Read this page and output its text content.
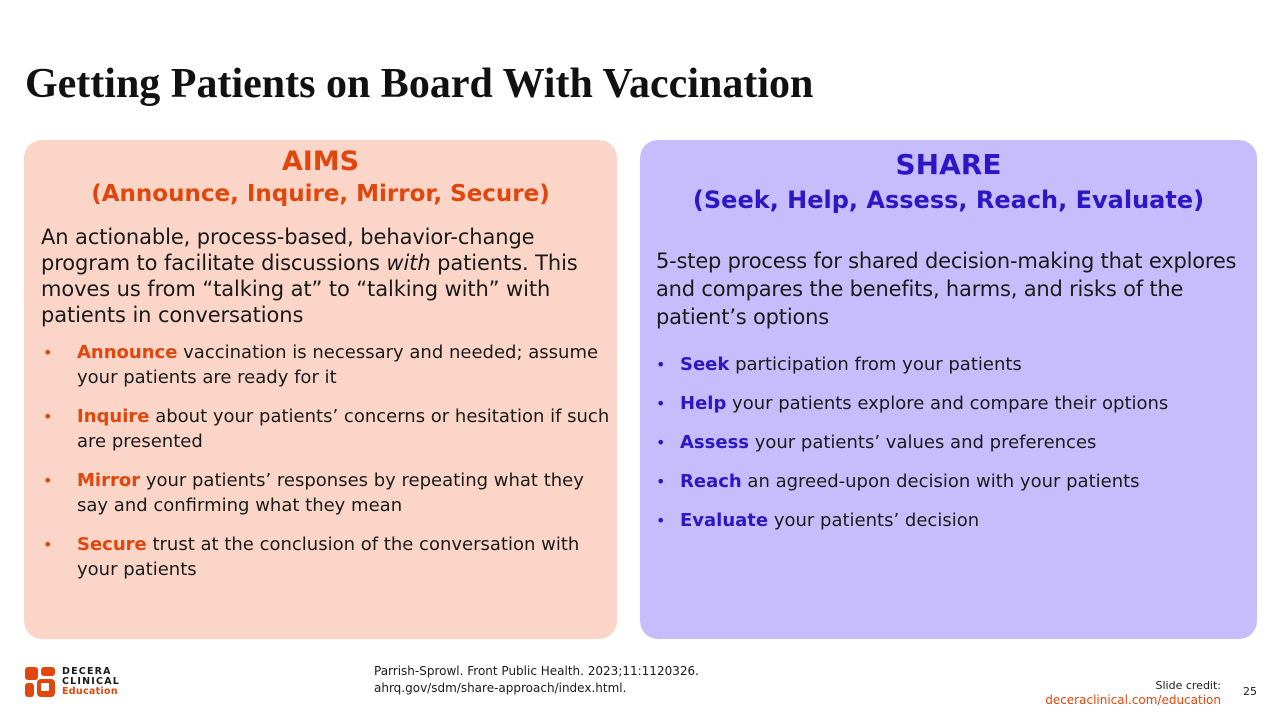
Getting Patients on Board With Vaccination
AIMS
(Announce, Inquire, Mirror, Secure)
An actionable, process-based, behavior-change program to facilitate discussions with patients. This moves us from “talking at” to “talking with” with patients in conversations
• Announce vaccination is necessary and needed; assume your patients are ready for it
• Inquire about your patients’ concerns or hesitation if such are presented
• Mirror your patients’ responses by repeating what they say and confirming what they mean
• Secure trust at the conclusion of the conversation with your patients
SHARE
(Seek, Help, Assess, Reach, Evaluate)
5-step process for shared decision-making that explores and compares the benefits, harms, and risks of the patient’s options
• Seek participation from your patients
• Help your patients explore and compare their options
• Assess your patients’ values and preferences
• Reach an agreed-upon decision with your patients
• Evaluate your patients’ decision
DECERA
CLINICAL
Education
Parrish-Sprowl. Front Public Health. 2023;11:1120326.
ahrq.gov/sdm/share-approach/index.html.	Slide credit:
deceraclinical.com/education
25
